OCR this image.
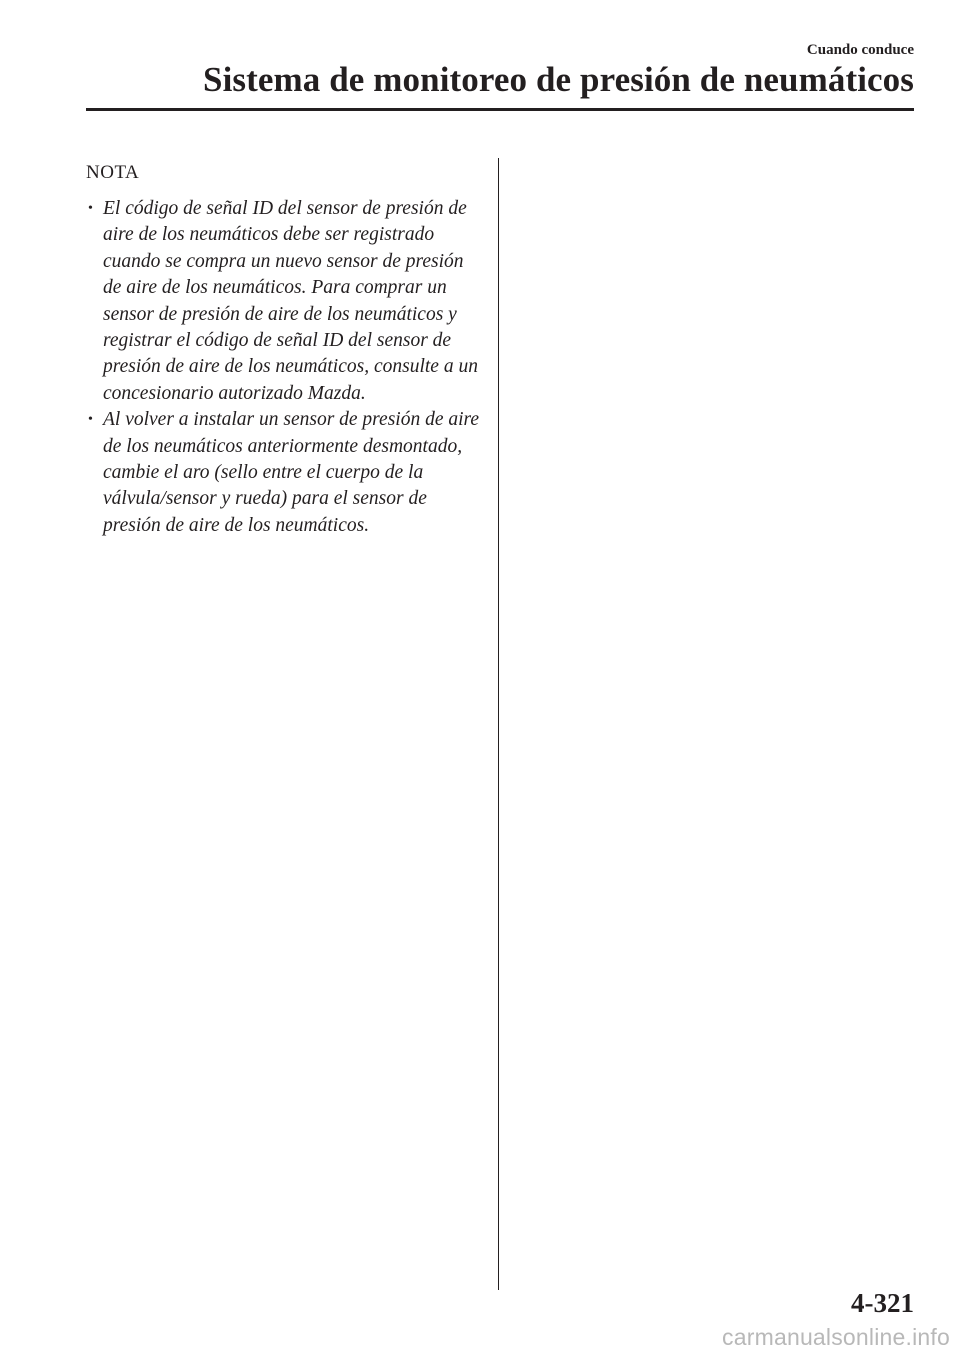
Cuando conduce
Sistema de monitoreo de presión de neumáticos
NOTA
• El código de señal ID del sensor de presión de aire de los neumáticos debe ser registrado cuando se compra un nuevo sensor de presión de aire de los neumáticos. Para comprar un sensor de presión de aire de los neumáticos y registrar el código de señal ID del sensor de presión de aire de los neumáticos, consulte a un concesionario autorizado Mazda.
• Al volver a instalar un sensor de presión de aire de los neumáticos anteriormente desmontado, cambie el aro (sello entre el cuerpo de la válvula/sensor y rueda) para el sensor de presión de aire de los neumáticos.
4-321
carmanualsonline.info
